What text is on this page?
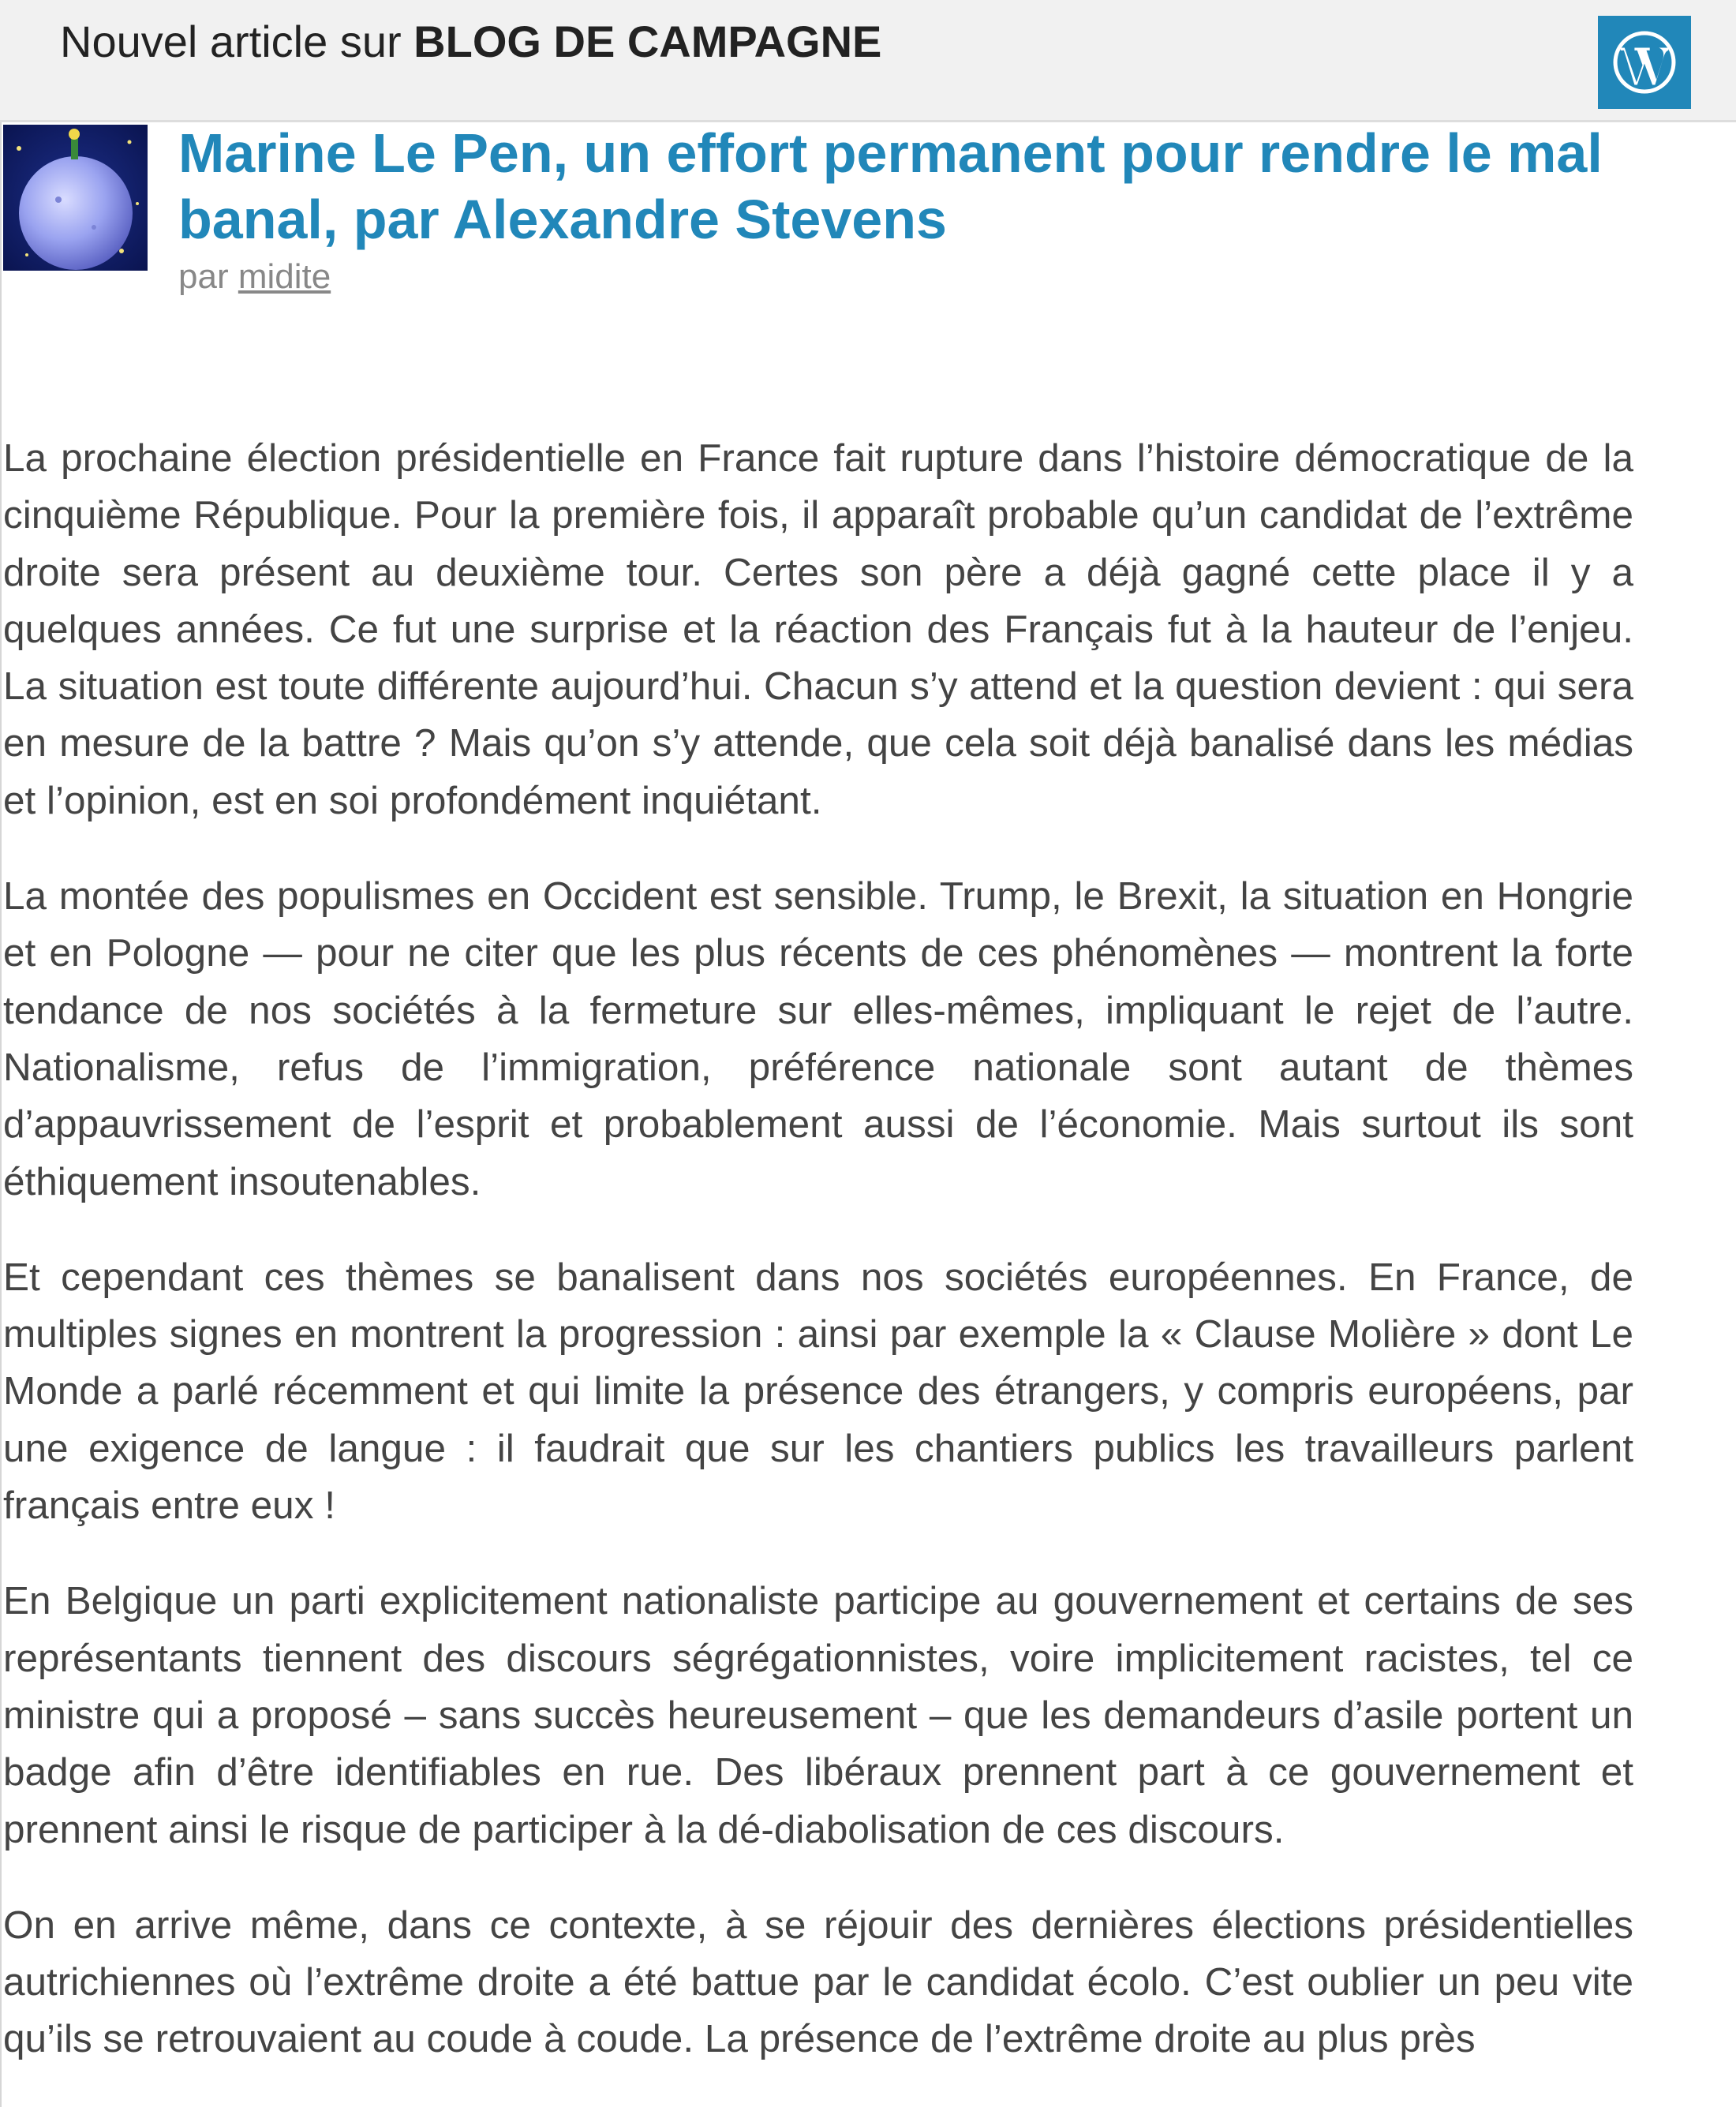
Nouvel article sur BLOG DE CAMPAGNE
Marine Le Pen, un effort permanent pour rendre le mal banal, par Alexandre Stevens
par midite

La prochaine élection présidentielle en France fait rupture dans l’histoire démocratique de la cinquième République. Pour la première fois, il apparaît probable qu’un candidat de l’extrême droite sera présent au deuxième tour. Certes son père a déjà gagné cette place il y a quelques années. Ce fut une surprise et la réaction des Français fut à la hauteur de l’enjeu. La situation est toute différente aujourd’hui. Chacun s’y attend et la question devient : qui sera en mesure de la battre ? Mais qu’on s’y attende, que cela soit déjà banalisé dans les médias et l’opinion, est en soi profondément inquiétant.

La montée des populismes en Occident est sensible. Trump, le Brexit, la situation en Hongrie et en Pologne — pour ne citer que les plus récents de ces phénomènes — montrent la forte tendance de nos sociétés à la fermeture sur elles-mêmes, impliquant le rejet de l’autre. Nationalisme, refus de l’immigration, préférence nationale sont autant de thèmes d’appauvrissement de l’esprit et probablement aussi de l’économie. Mais surtout ils sont éthiquement insoutenables.

Et cependant ces thèmes se banalisent dans nos sociétés européennes. En France, de multiples signes en montrent la progression : ainsi par exemple la « Clause Molière » dont Le Monde a parlé récemment et qui limite la présence des étrangers, y compris européens, par une exigence de langue : il faudrait que sur les chantiers publics les travailleurs parlent français entre eux !

En Belgique un parti explicitement nationaliste participe au gouvernement et certains de ses représentants tiennent des discours ségrégationnistes, voire implicitement racistes, tel ce ministre qui a proposé – sans succès heureusement – que les demandeurs d’asile portent un badge afin d’être identifiables en rue. Des libéraux prennent part à ce gouvernement et prennent ainsi le risque de participer à la dé-diabolisation de ces discours.

On en arrive même, dans ce contexte, à se réjouir des dernières élections présidentielles autrichiennes où l’extrême droite a été battue par le candidat écolo. C’est oublier un peu vite qu’ils se retrouvaient au coude à coude. La présence de l’extrême droite au plus près
